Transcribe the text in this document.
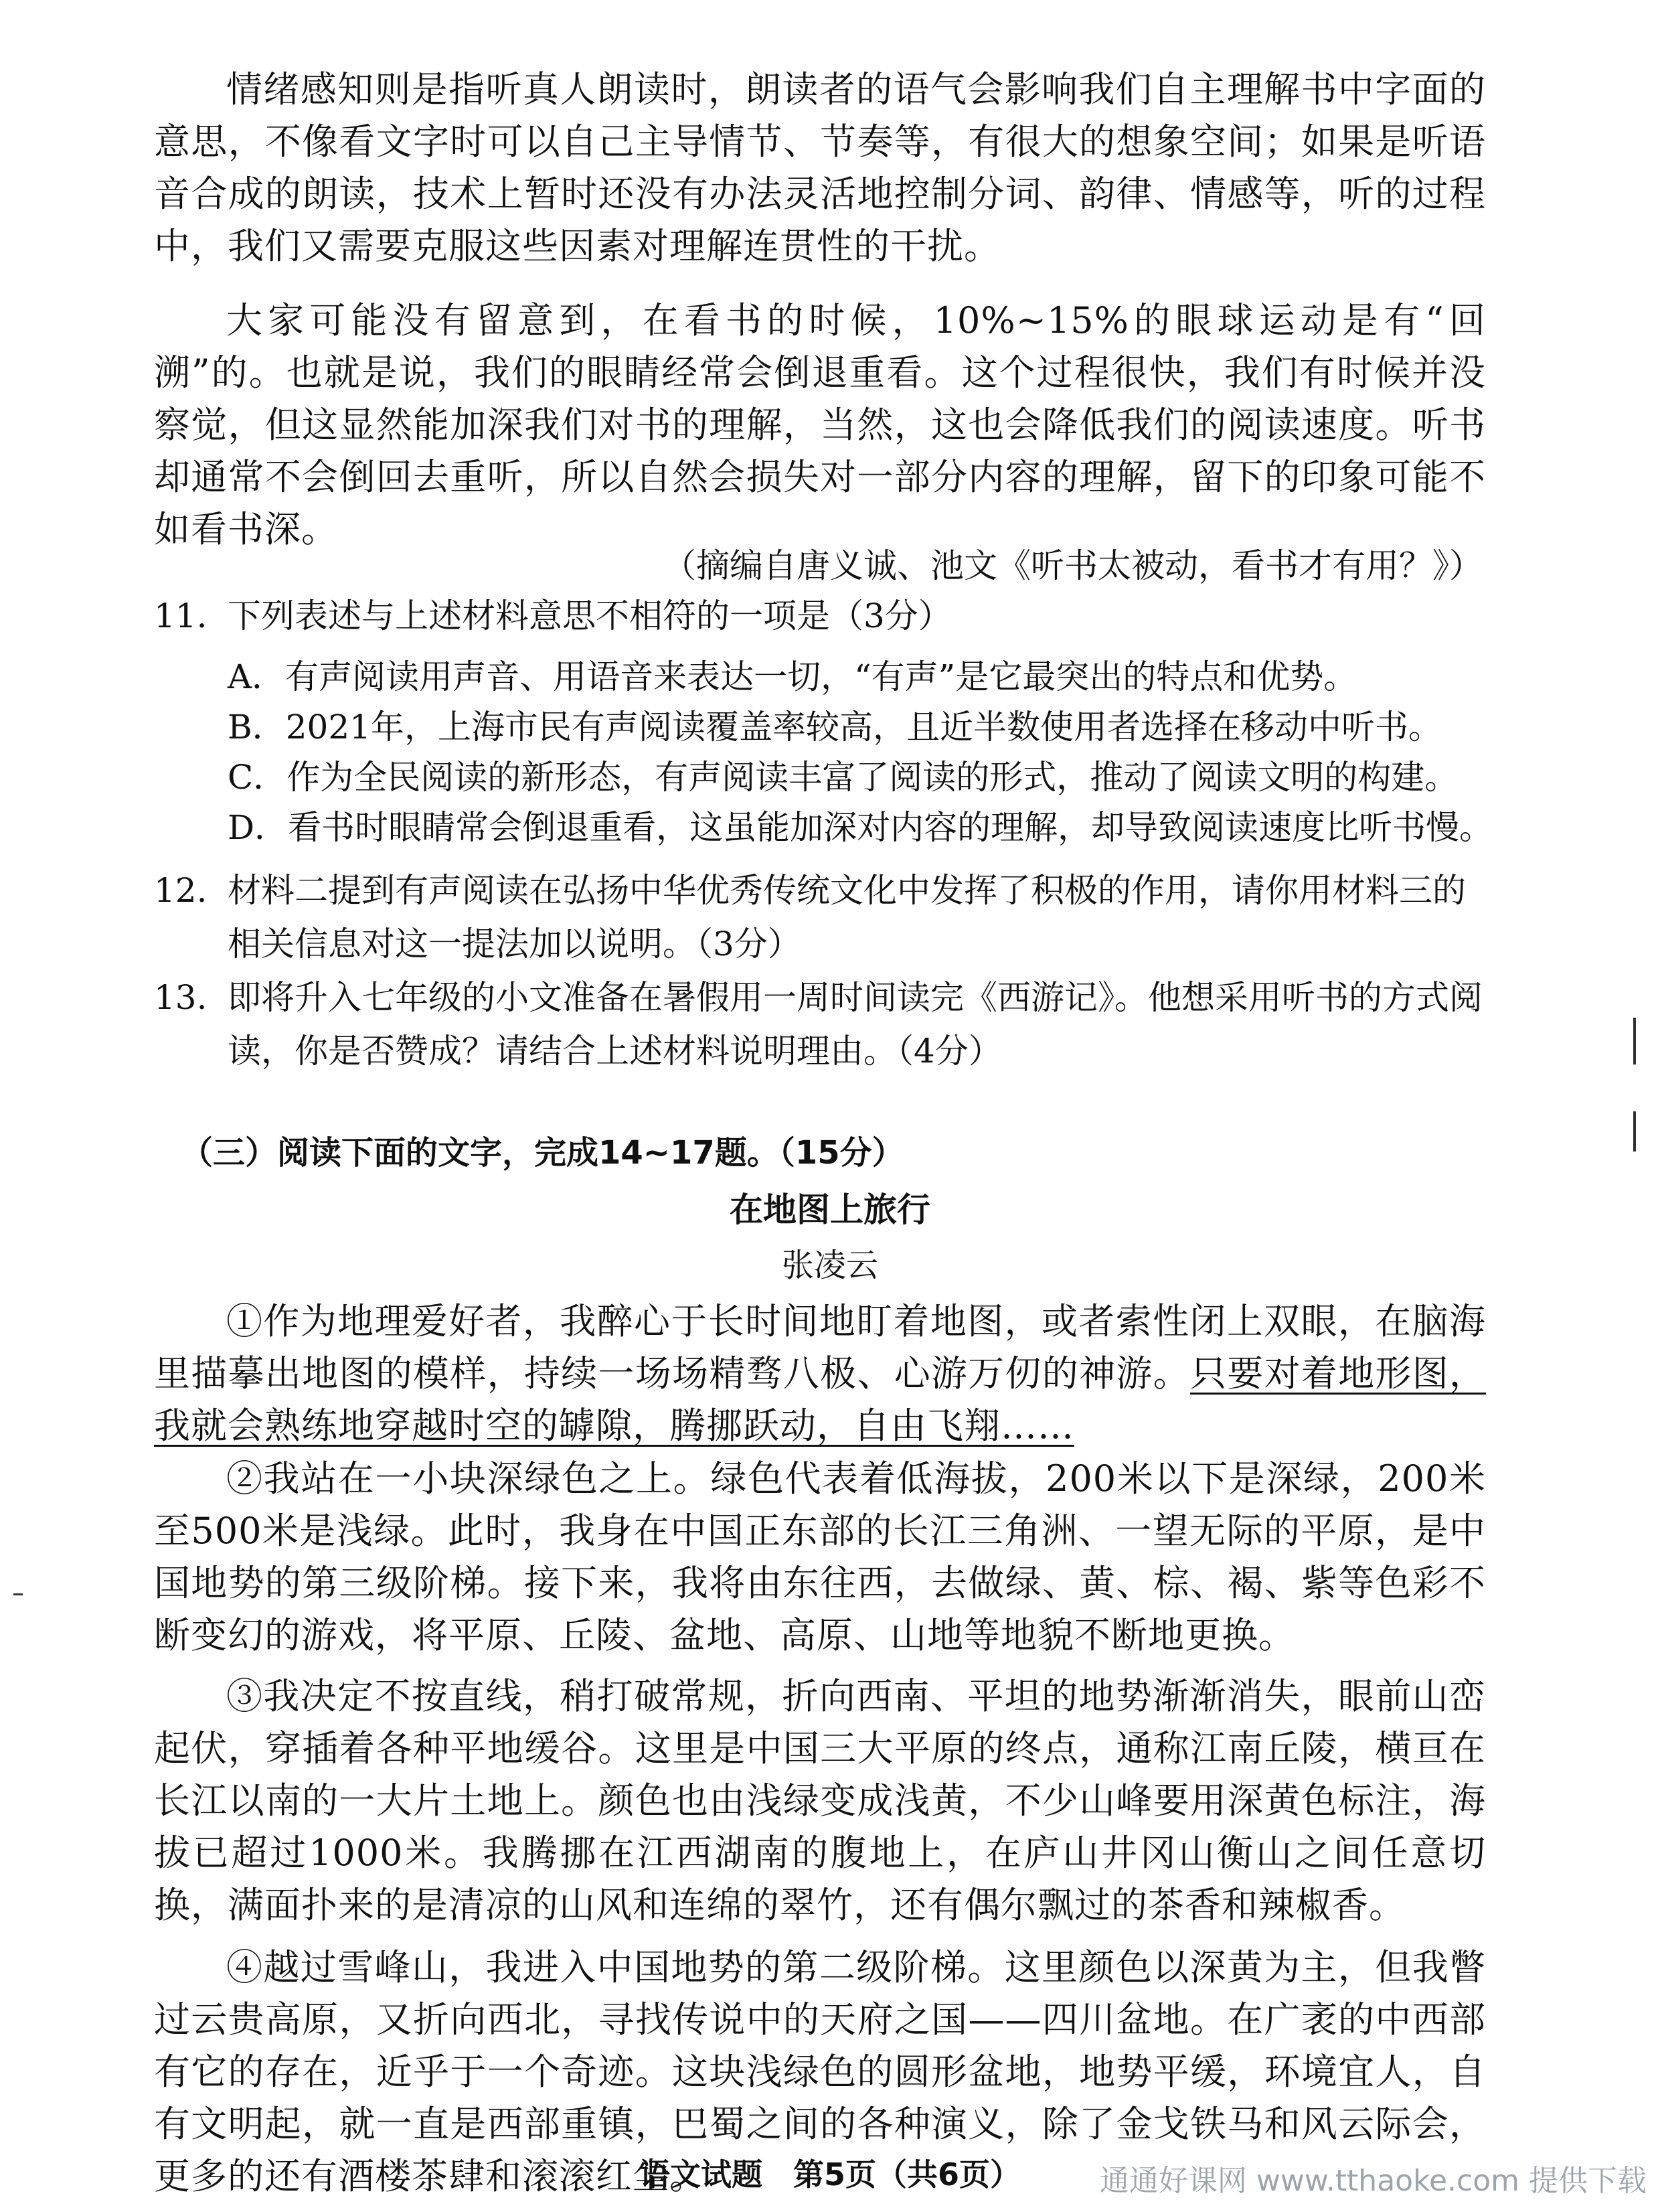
情绪感知则是指听真人朗读时，朗读者的语气会影响我们自主理解书中字面的意思，不像看文字时可以自己主导情节、节奏等，有很大的想象空间；如果是听语音合成的朗读，技术上暂时还没有办法灵活地控制分词、韵律、情感等，听的过程中，我们又需要克服这些因素对理解连贯性的干扰。

大家可能没有留意到，在看书的时候，10%~15%的眼球运动是有“回溯”的。也就是说，我们的眼睛经常会倒退重看。这个过程很快，我们有时候并没察觉，但这显然能加深我们对书的理解，当然，这也会降低我们的阅读速度。听书却通常不会倒回去重听，所以自然会损失对一部分内容的理解，留下的印象可能不如看书深。

（摘编自唐义诚、池文《听书太被动，看书才有用？》）

11. 下列表述与上述材料意思不相符的一项是（3分）

A．有声阅读用声音、用语音来表达一切，“有声”是它最突出的特点和优势。

B．2021年，上海市民有声阅读覆盖率较高，且近半数使用者选择在移动中听书。

C．作为全民阅读的新形态，有声阅读丰富了阅读的形式，推动了阅读文明的构建。

D．看书时眼睛常会倒退重看，这虽能加深对内容的理解，却导致阅读速度比听书慢。

12. 材料二提到有声阅读在弘扬中华优秀传统文化中发挥了积极的作用，请你用材料三的相关信息对这一提法加以说明。（3分）
13. 即将升入七年级的小文准备在暑假用一周时间读完《西游记》。他想采用听书的方式阅读，你是否赞成？请结合上述材料说明理由。（4分）

（三）阅读下面的文字，完成14~17题。（15分）

在地图上旅行

张凌云

①作为地理爱好者，我醉心于长时间地盯着地图，或者索性闭上双眼，在脑海里描摹出地图的模样，持续一场场精骛八极、心游万仞的神游。只要对着地形图，我就会熟练地穿越时空的罅隙，腾挪跃动，自由飞翔……

②我站在一小块深绿色之上。绿色代表着低海拔，200米以下是深绿，200米至500米是浅绿。此时，我身在中国正东部的长江三角洲、一望无际的平原，是中国地势的第三级阶梯。接下来，我将由东往西，去做绿、黄、棕、褐、紫等色彩不断变幻的游戏，将平原、丘陵、盆地、高原、山地等地貌不断地更换。

③我决定不按直线，稍打破常规，折向西南、平坦的地势渐渐消失，眼前山峦起伏，穿插着各种平地缓谷。这里是中国三大平原的终点，通称江南丘陵，横亘在长江以南的一大片土地上。颜色也由浅绿变成浅黄，不少山峰要用深黄色标注，海拔已超过1000米。我腾挪在江西湖南的腹地上，在庐山井冈山衡山之间任意切换，满面扑来的是清凉的山风和连绵的翠竹，还有偶尔飘过的茶香和辣椒香。

④越过雪峰山，我进入中国地势的第二级阶梯。这里颜色以深黄为主，但我瞥过云贵高原，又折向西北，寻找传说中的天府之国——四川盆地。在广袤的中西部有它的存在，近乎于一个奇迹。这块浅绿色的圆形盆地，地势平缓，环境宜人，自有文明起，就一直是西部重镇，巴蜀之间的各种演义，除了金戈铁马和风云际会，更多的还有酒楼茶肆和滚滚红尘。

语文试题　第5页（共6页）	通通好课网 www.tthaoke.com 提供下载
